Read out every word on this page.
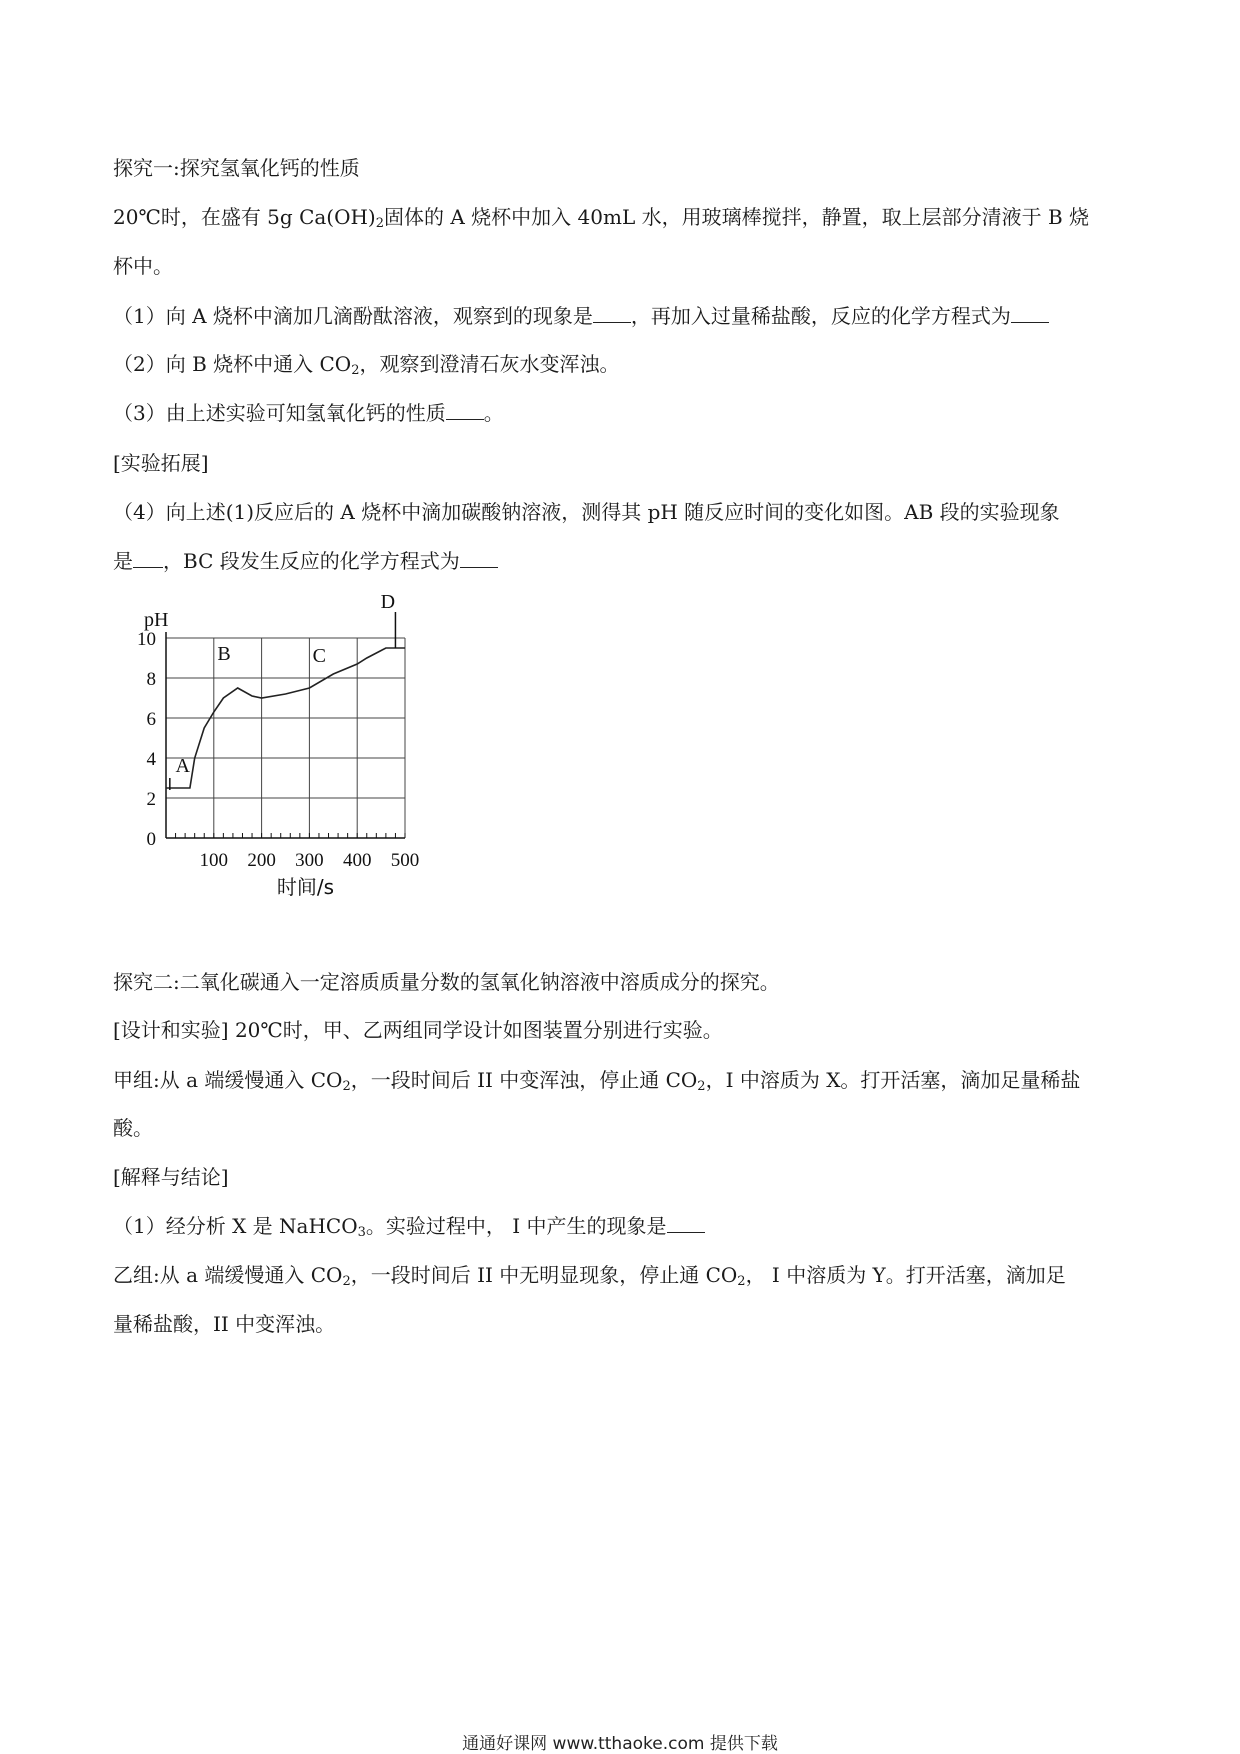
探究一:探究氢氧化钙的性质
20℃时，在盛有 5g $Ca(OH)_2$固体的 A 烧杯中加入 40mL 水，用玻璃棒搅拌，静置，取上层部分清液于 B 烧
杯中。
（1）向 A 烧杯中滴加几滴酚酞溶液，观察到的现象是 ，再加入过量稀盐酸，反应的化学方程式为
（2）向 B 烧杯中通入 $CO_2$，观察到澄清石灰水变浑浊。
（3）由上述实验可知氢氧化钙的性质 。
[实验拓展]
（4）向上述(1)反应后的 A 烧杯中滴加碳酸钠溶液，测得其 pH 随反应时间的变化如图。AB 段的实验现象
是 ，BC 段发生反应的化学方程式为
0
2
4
6
8
10
100 200 300 400 500
pH
时间/s
A
B	C
D
探究二:二氧化碳通入一定溶质质量分数的氢氧化钠溶液中溶质成分的探究。
[设计和实验] 20℃时，甲、乙两组同学设计如图装置分别进行实验。
甲组:从 a 端缓慢通入 $CO_2$，一段时间后 II 中变浑浊，停止通 $CO_2$，I 中溶质为 X。打开活塞，滴加足量稀盐
酸。
[解释与结论]
（1）经分析 X 是 NaHCO$_3$。实验过程中， I 中产生的现象是
乙组:从 a 端缓慢通入 $CO_2$，一段时间后 II 中无明显现象，停止通 $CO_2$， I 中溶质为 Y。打开活塞，滴加足
量稀盐酸，II 中变浑浊。
通通好课网 www.tthaoke.com 提供下载
